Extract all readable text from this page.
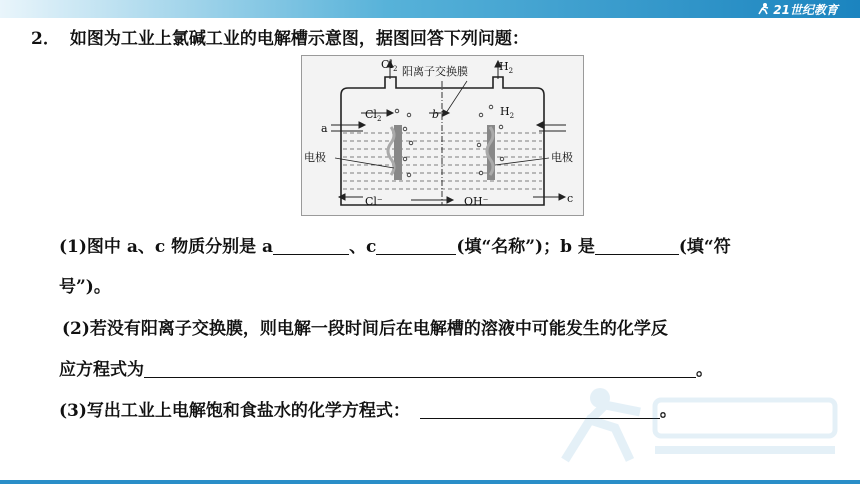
21世纪教育
2． 如图为工业上氯碱工业的电解槽示意图，据图回答下列问题：
$Cl_2$ 阳离子交换膜	$H_2$
$Cl_2$	b	$H_2$
a
电极	电极
Cl⁻	OH⁻	c
(1)图中 a、c 物质分别是 a	、c	(填“名称”)；b 是	(填“符
号”)。
(2)若没有阳离子交换膜，则电解一段时间后在电解槽的溶液中可能发生的化学反
应方程式为	。
(3)写出工业上电解饱和食盐水的化学方程式：	。
